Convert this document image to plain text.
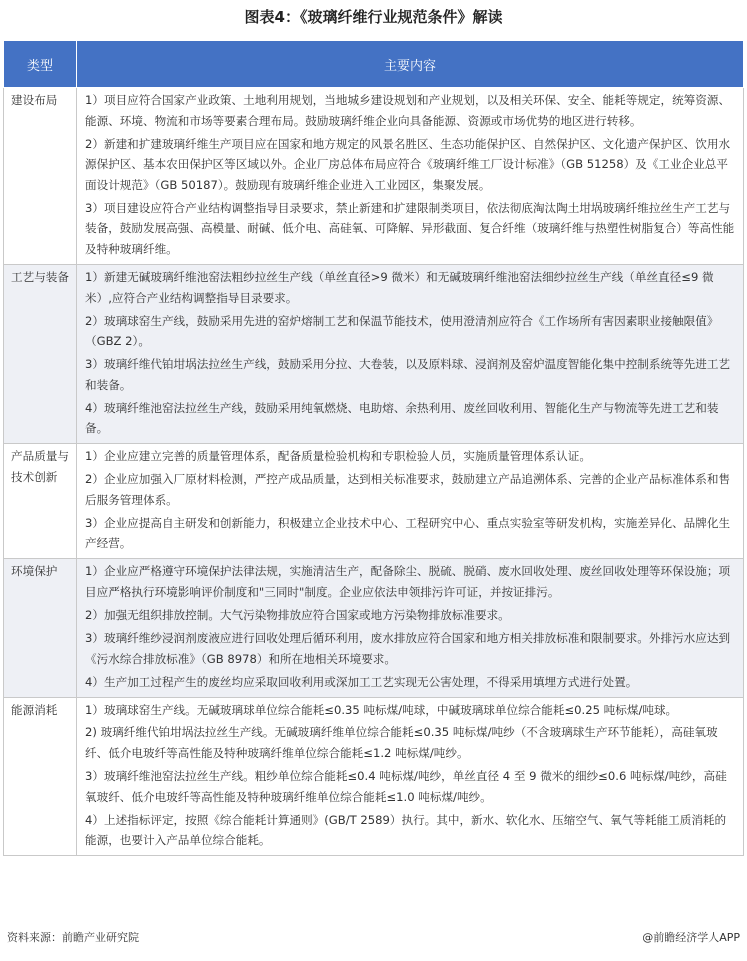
图表4：《玻璃纤维行业规范条件》解读
类型	主要内容
建设布局	1）项目应符合国家产业政策、土地利用规划，当地城乡建设规划和产业规划，以及相关环保、安全、能耗等规定，统筹资源、能源、环境、物流和市场等要素合理布局。鼓励玻璃纤维企业向具备能源、资源或市场优势的地区进行转移。

2）新建和扩建玻璃纤维生产项目应在国家和地方规定的风景名胜区、生态功能保护区、自然保护区、文化遗产保护区、饮用水源保护区、基本农田保护区等区域以外。企业厂房总体布局应符合《玻璃纤维工厂设计标准》（GB 51258）及《工业企业总平面设计规范》（GB 50187）。鼓励现有玻璃纤维企业进入工业园区，集聚发展。

3）项目建设应符合产业结构调整指导目录要求，禁止新建和扩建限制类项目，依法彻底淘汰陶土坩埚玻璃纤维拉丝生产工艺与装备，鼓励发展高强、高模量、耐碱、低介电、高硅氧、可降解、异形截面、复合纤维（玻璃纤维与热塑性树脂复合）等高性能及特种玻璃纤维。

工艺与装备	1）新建无碱玻璃纤维池窑法粗纱拉丝生产线（单丝直径>9 微米）和无碱玻璃纤维池窑法细纱拉丝生产线（单丝直径≤9 微米）,应符合产业结构调整指导目录要求。

2）玻璃球窑生产线，鼓励采用先进的窑炉熔制工艺和保温节能技术，使用澄清剂应符合《工作场所有害因素职业接触限值》（GBZ 2）。

3）玻璃纤维代铂坩埚法拉丝生产线，鼓励采用分拉、大卷装，以及原料球、浸润剂及窑炉温度智能化集中控制系统等先进工艺和装备。

4）玻璃纤维池窑法拉丝生产线，鼓励采用纯氧燃烧、电助熔、余热利用、废丝回收利用、智能化生产与物流等先进工艺和装备。

产品质量与技术创新	1）企业应建立完善的质量管理体系，配备质量检验机构和专职检验人员，实施质量管理体系认证。

2）企业应加强入厂原材料检测，严控产成品质量，达到相关标准要求，鼓励建立产品追溯体系、完善的企业产品标准体系和售后服务管理体系。

3）企业应提高自主研发和创新能力，积极建立企业技术中心、工程研究中心、重点实验室等研发机构，实施差异化、品牌化生产经营。

环境保护	1）企业应严格遵守环境保护法律法规，实施清洁生产，配备除尘、脱硫、脱硝、废水回收处理、废丝回收处理等环保设施；项目应严格执行环境影响评价制度和"三同时"制度。企业应依法申领排污许可证，并按证排污。

2）加强无组织排放控制。大气污染物排放应符合国家或地方污染物排放标准要求。

3）玻璃纤维纱浸润剂废液应进行回收处理后循环利用，废水排放应符合国家和地方相关排放标准和限制要求。外排污水应达到《污水综合排放标准》（GB 8978）和所在地相关环境要求。

4）生产加工过程产生的废丝均应采取回收利用或深加工工艺实现无公害处理，不得采用填埋方式进行处置。

能源消耗	1）玻璃球窑生产线。无碱玻璃球单位综合能耗≤0.35 吨标煤/吨球，中碱玻璃球单位综合能耗≤0.25 吨标煤/吨球。

2) 玻璃纤维代铂坩埚法拉丝生产线。无碱玻璃纤维单位综合能耗≤0.35 吨标煤/吨纱（不含玻璃球生产环节能耗），高硅氧玻纤、低介电玻纤等高性能及特种玻璃纤维单位综合能耗≤1.2 吨标煤/吨纱。

3）玻璃纤维池窑法拉丝生产线。粗纱单位综合能耗≤0.4 吨标煤/吨纱，单丝直径 4 至 9 微米的细纱≤0.6 吨标煤/吨纱，高硅氧玻纤、低介电玻纤等高性能及特种玻璃纤维单位综合能耗≤1.0 吨标煤/吨纱。

4）上述指标评定，按照《综合能耗计算通则》(GB/T 2589）执行。其中，新水、软化水、压缩空气、氧气等耗能工质消耗的能源，也要计入产品单位综合能耗。

资料来源：前瞻产业研究院	@前瞻经济学人APP
